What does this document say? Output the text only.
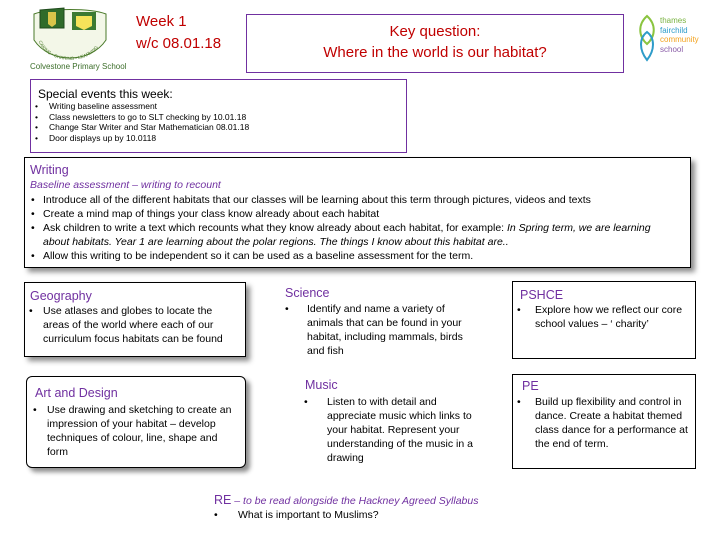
CARING • SHARING • LEARNING
Colvestone Primary School
Week 1
w/c 08.01.18
Key question:
Where in the world is our habitat?
thames
fairchild
community
school
Special events this week:
• Writing baseline assessment
• Class newsletters to go to SLT checking by 10.01.18
• Change Star Writer and Star Mathematician 08.01.18
• Door displays up by 10.0118
Writing
Baseline assessment – writing to recount
• Introduce all of the different habitats that our classes will be learning about this term through pictures, videos and texts
• Create a mind map of things your class know already about each habitat
• Ask children to write a text which recounts what they know already about each habitat, for example: In Spring term, we are learning about habitats. Year 1 are learning about the polar regions. The things I know about this habitat are..
• Allow this writing to be independent so it can be used as a baseline assessment for the term.
Geography
• Use atlases and globes to locate the areas of the world where each of our curriculum focus habitats can be found
Science
• Identify and name a variety of animals that can be found in your habitat, including mammals, birds and fish
PSHCE
• Explore how we reflect our core school values – ‘ charity’
Art and Design
• Use drawing and sketching to create an impression of your habitat – develop techniques of colour, line, shape and form
Music
• Listen to with detail and appreciate music which links to your habitat. Represent your understanding of the music in a drawing
PE
• Build up flexibility and control in dance. Create a habitat themed class dance for a performance at the end of term.
RE – to be read alongside the Hackney Agreed Syllabus
• What is important to Muslims?
